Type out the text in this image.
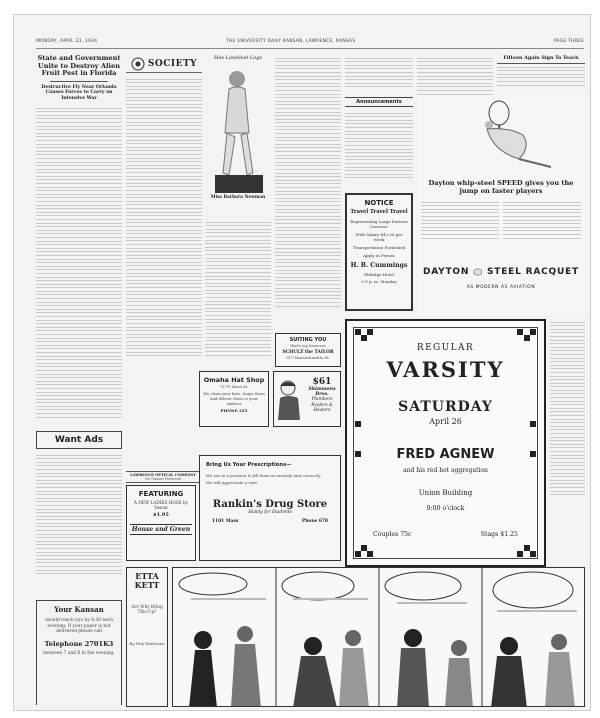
MONDAY, APRIL 23, 1934	THE UNIVERSITY DAILY KANSAN, LAWRENCE, KANSAS	PAGE THREE
State and Government Unite to Destroy Alien Fruit Pest in Florida
Destructive Fly Near Orlando Causes Forces to Carry on Intensive War
Want Ads
Your Kansan
should reach you by 6:30 each evening. If your paper is not delivered please call
Telephone 2701K3
between 7 and 8 in the evening.
SOCIETY
Has Loveliest Legs
Miss Barbara Newman
SUITING YOU
that's my business
SCHULZ the TAILOR
917 Massachusetts St.
Omaha Hat Shop
717½ Mass St.
We clean your hats, shape them and deliver them to your address
PHONE 255
$61
Shimmons Bros.
Plumbers
Roofers & Heaters
LAWRENCE OPTICAL COMPANY
for Glasses Perfected
FEATURING
A NEW LADIES HOSE by Vassar
$1.95
House and Green
Bring Us Your Prescriptions—
We are in a position to fill them accurately and correctly.
We will appreciate a visit
Rankin's Drug Store
Handy for Students
1101 Mass	Phone 678
Announcements
NOTICE
Travel Travel Travel
Representing Large Eastern Concern.
With Salary $42.00 per week
Transportation Furnished
Apply in Person
H. B. Cummings
Eldridge Hotel
5-9 p. m. Monday
Fifteen Again Sign To Teach
Dayton whip-steel SPEED gives you the jump on faster players
DAYTON STEEL RACQUET
AS MODERN AS AVIATION
REGULAR
VARSITY
SATURDAY
April 26
FRED AGNEW
and his red hot aggregation
Union Building
9:00 o'clock
Couples 75c	Stags $1.25
ETTA KETT
Are Why Bring This Up?
By Paul Robinson
